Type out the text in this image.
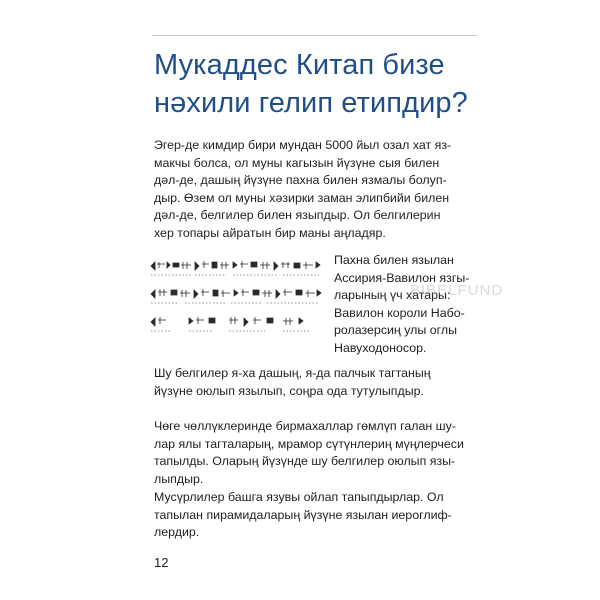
Мукаддес Китап бизе
нәхили гелип етипдир?

Эгер-де кимдир бири мундан 5000 йыл озал хат яз-
макчы болса, ол муны кагызын йүзүне сыя билен
дәл-де, дашың йүзүне пахна билен язмалы болуп-
дыр. Өзем ол муны хәзирки заман элипбийи билен
дәл-де, белгилер билен языпдыр. Ол белгилерин
хер топары айратын бир маны аңладяр.

Пахна билен язылан
Ассирия-Вавилон язгы-
ларының үч хатары:
Вавилон короли Набо-
ролазерсиң улы оглы
Навуходоносор.

BIBELFUND

Шу белгилер я-ха дашың, я-да палчык тагтаның
йүзүне оюлып язылып, соңра ода тутулыпдыр.

Чөге чөллүклеринде бирмахаллар гөмлүп галан шу-
лар ялы тагталарың, мрамор сүтүнлериң мүңлерчеси
тапылды. Оларың йүзүнде шу белгилер оюлып язы-
лыпдыр.

Мусүрлилер башга язувы ойлап тапыпдырлар. Ол
тапылан пирамидаларың йүзүне язылан иероглиф-
лердир.

12
